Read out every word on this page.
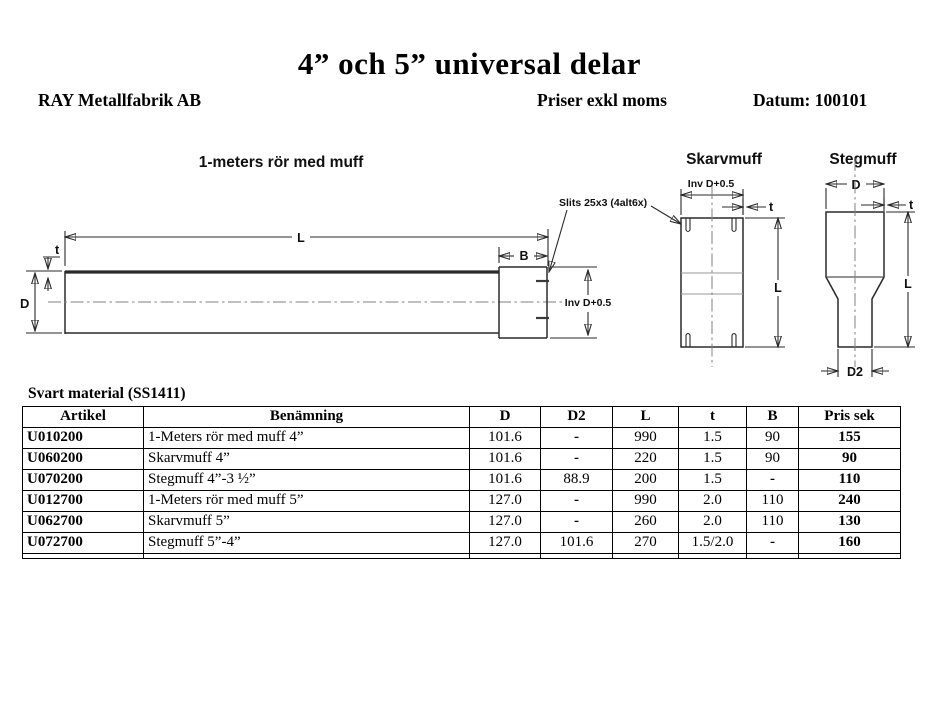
4” och 5” universal delar
RAY Metallfabrik AB	Priser exkl moms	Datum: 100101
1-meters rör med muff
L
t
D
B
Inv D+0.5
Slits 25x3 (4alt6x)
Skarvmuff
Inv D+0.5
t
L
Stegmuff
D
t
L
D2
Svart material (SS1411)
Artikel	Benämning	D	D2	L	t	B	Pris sek
U010200	1-Meters rör med muff 4”	101.6	-	990	1.5	90	155
U060200	Skarvmuff 4”	101.6	-	220	1.5	90	90
U070200	Stegmuff 4”-3 ½”	101.6	88.9	200	1.5	-	110
U012700	1-Meters rör med muff 5”	127.0	-	990	2.0	110	240
U062700	Skarvmuff 5”	127.0	-	260	2.0	110	130
U072700	Stegmuff 5”-4”	127.0	101.6	270	1.5/2.0	-	160
